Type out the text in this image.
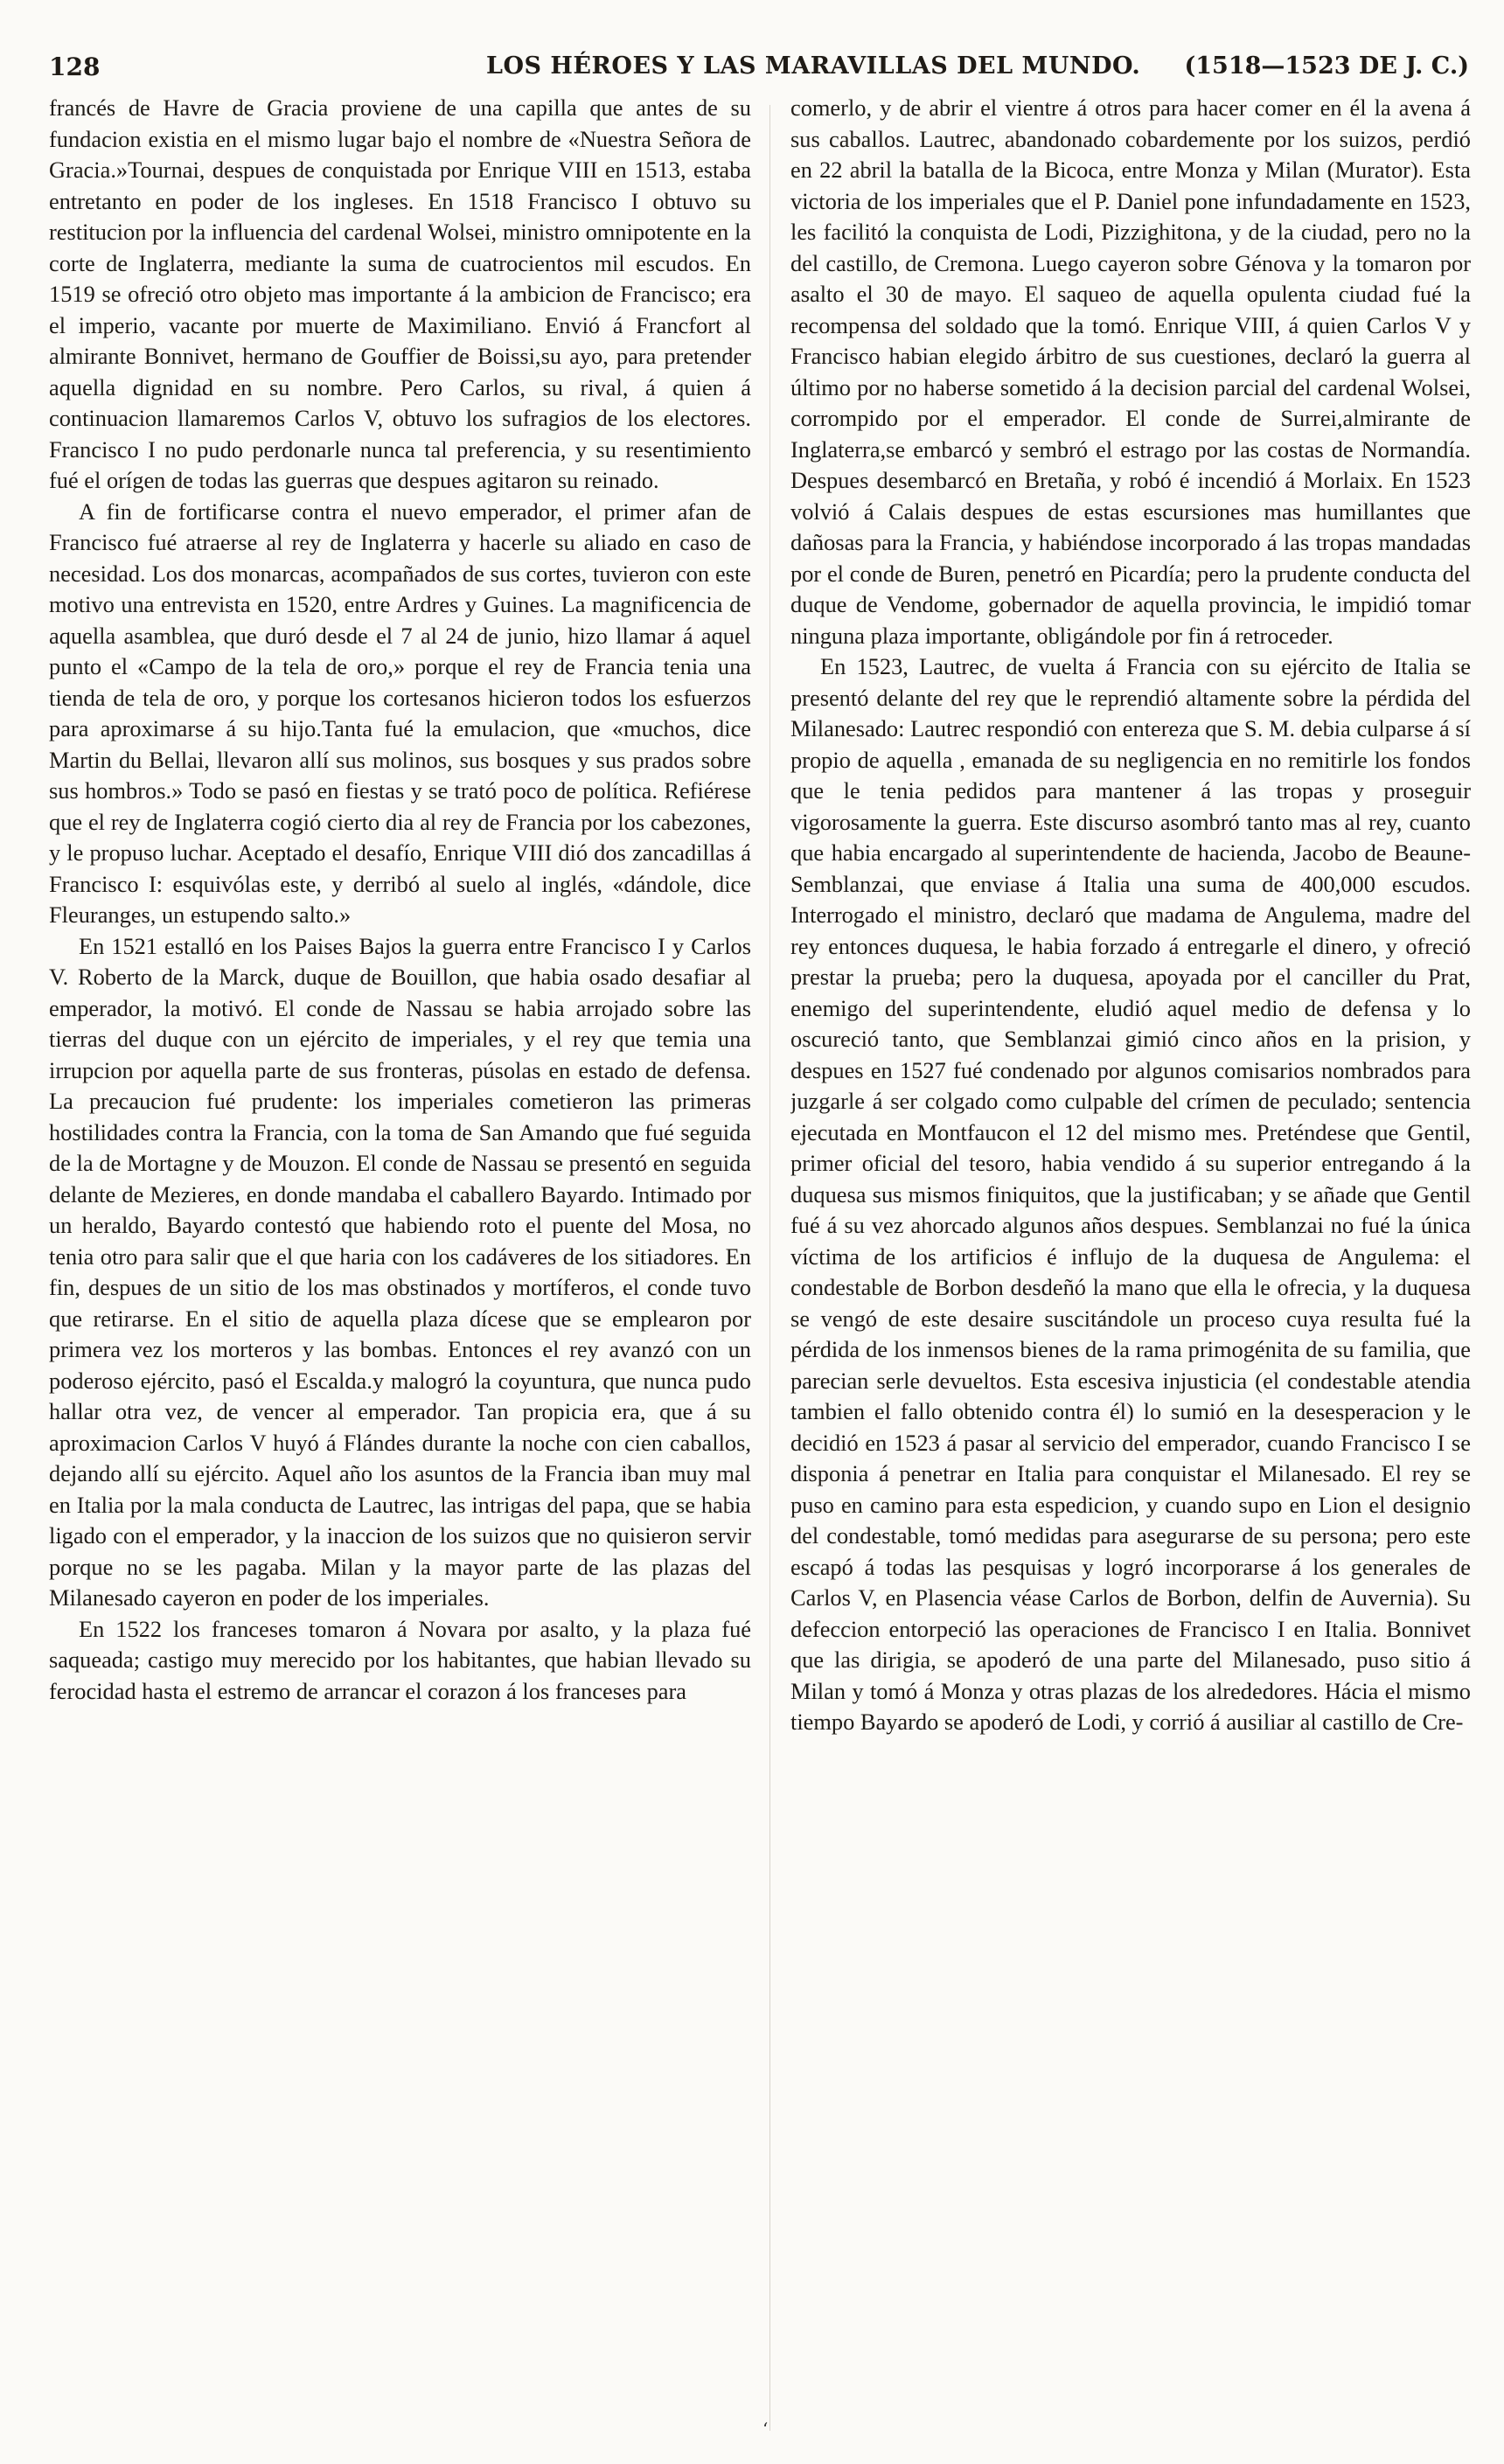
128	LOS HÉROES Y LAS MARAVILLAS DEL MUNDO. (1518—1523 DE J. C.)

francés de Havre de Gracia proviene de una capilla que antes de su fundacion existia en el mismo lugar bajo el nombre de «Nuestra Señora de Gracia.»Tournai, despues de conquistada por Enrique VIII en 1513, estaba entretanto en poder de los ingleses. En 1518 Francisco I obtuvo su restitucion por la influencia del cardenal Wolsei, ministro omnipotente en la corte de Inglaterra, mediante la suma de cuatrocientos mil escudos. En 1519 se ofreció otro objeto mas importante á la ambicion de Francisco; era el imperio, vacante por muerte de Maximiliano. Envió á Francfort al almirante Bonnivet, hermano de Gouffier de Boissi,su ayo, para pretender aquella dignidad en su nombre. Pero Carlos, su rival, á quien á continuacion llamaremos Carlos V, obtuvo los sufragios de los electores. Francisco I no pudo perdonarle nunca tal preferencia, y su resentimiento fué el orígen de todas las guerras que despues agitaron su reinado.

A fin de fortificarse contra el nuevo emperador, el primer afan de Francisco fué atraerse al rey de Inglaterra y hacerle su aliado en caso de necesidad. Los dos monarcas, acompañados de sus cortes, tuvieron con este motivo una entrevista en 1520, entre Ardres y Guines. La magnificencia de aquella asamblea, que duró desde el 7 al 24 de junio, hizo llamar á aquel punto el «Campo de la tela de oro,» porque el rey de Francia tenia una tienda de tela de oro, y porque los cortesanos hicieron todos los esfuerzos para aproximarse á su hijo.Tanta fué la emulacion, que «muchos, dice Martin du Bellai, llevaron allí sus molinos, sus bosques y sus prados sobre sus hombros.» Todo se pasó en fiestas y se trató poco de política. Refiérese que el rey de Inglaterra cogió cierto dia al rey de Francia por los cabezones, y le propuso luchar. Aceptado el desafío, Enrique VIII dió dos zancadillas á Francisco I: esquivólas este, y derribó al suelo al inglés, «dándole, dice Fleuranges, un estupendo salto.»

En 1521 estalló en los Paises Bajos la guerra entre Francisco I y Carlos V. Roberto de la Marck, duque de Bouillon, que habia osado desafiar al emperador, la motivó. El conde de Nassau se habia arrojado sobre las tierras del duque con un ejército de imperiales, y el rey que temia una irrupcion por aquella parte de sus fronteras, púsolas en estado de defensa. La precaucion fué prudente: los imperiales cometieron las primeras hostilidades contra la Francia, con la toma de San Amando que fué seguida de la de Mortagne y de Mouzon. El conde de Nassau se presentó en seguida delante de Mezieres, en donde mandaba el caballero Bayardo. Intimado por un heraldo, Bayardo contestó que habiendo roto el puente del Mosa, no tenia otro para salir que el que haria con los cadáveres de los sitiadores. En fin, despues de un sitio de los mas obstinados y mortíferos, el conde tuvo que retirarse. En el sitio de aquella plaza dícese que se emplearon por primera vez los morteros y las bombas. Entonces el rey avanzó con un poderoso ejército, pasó el Escalda.y malogró la coyuntura, que nunca pudo hallar otra vez, de vencer al emperador. Tan propicia era, que á su aproximacion Carlos V huyó á Flándes durante la noche con cien caballos, dejando allí su ejército. Aquel año los asuntos de la Francia iban muy mal en Italia por la mala conducta de Lautrec, las intrigas del papa, que se habia ligado con el emperador, y la inaccion de los suizos que no quisieron servir porque no se les pagaba. Milan y la mayor parte de las plazas del Milanesado cayeron en poder de los imperiales.

En 1522 los franceses tomaron á Novara por asalto, y la plaza fué saqueada; castigo muy merecido por los habitantes, que habian llevado su ferocidad hasta el estremo de arrancar el corazon á los franceses para

‘

comerlo, y de abrir el vientre á otros para hacer comer en él la avena á sus caballos. Lautrec, abandonado cobardemente por los suizos, perdió en 22 abril la batalla de la Bicoca, entre Monza y Milan (Murator). Esta victoria de los imperiales que el P. Daniel pone infundadamente en 1523, les facilitó la conquista de Lodi, Pizzighitona, y de la ciudad, pero no la del castillo, de Cremona. Luego cayeron sobre Génova y la tomaron por asalto el 30 de mayo. El saqueo de aquella opulenta ciudad fué la recompensa del soldado que la tomó. Enrique VIII, á quien Carlos V y Francisco habian elegido árbitro de sus cuestiones, declaró la guerra al último por no haberse sometido á la decision parcial del cardenal Wolsei, corrompido por el emperador. El conde de Surrei,almirante de Inglaterra,se embarcó y sembró el estrago por las costas de Normandía. Despues desembarcó en Bretaña, y robó é incendió á Morlaix. En 1523 volvió á Calais despues de estas escursiones mas humillantes que dañosas para la Francia, y habiéndose incorporado á las tropas mandadas por el conde de Buren, penetró en Picardía; pero la prudente conducta del duque de Vendome, gobernador de aquella provincia, le impidió tomar ninguna plaza importante, obligándole por fin á retroceder.

En 1523, Lautrec, de vuelta á Francia con su ejército de Italia se presentó delante del rey que le reprendió altamente sobre la pérdida del Milanesado: Lautrec respondió con entereza que S. M. debia culparse á sí propio de aquella , emanada de su negligencia en no remitirle los fondos que le tenia pedidos para mantener á las tropas y proseguir vigorosamente la guerra. Este discurso asombró tanto mas al rey, cuanto que habia encargado al superintendente de hacienda, Jacobo de Beaune-Semblanzai, que enviase á Italia una suma de 400,000 escudos. Interrogado el ministro, declaró que madama de Angulema, madre del rey entonces duquesa, le habia forzado á entregarle el dinero, y ofreció prestar la prueba; pero la duquesa, apoyada por el canciller du Prat, enemigo del superintendente, eludió aquel medio de defensa y lo oscureció tanto, que Semblanzai gimió cinco años en la prision, y despues en 1527 fué condenado por algunos comisarios nombrados para juzgarle á ser colgado como culpable del crímen de peculado; sentencia ejecutada en Montfaucon el 12 del mismo mes. Preténdese que Gentil, primer oficial del tesoro, habia vendido á su superior entregando á la duquesa sus mismos finiquitos, que la justificaban; y se añade que Gentil fué á su vez ahorcado algunos años despues. Semblanzai no fué la única víctima de los artificios é influjo de la duquesa de Angulema: el condestable de Borbon desdeñó la mano que ella le ofrecia, y la duquesa se vengó de este desaire suscitándole un proceso cuya resulta fué la pérdida de los inmensos bienes de la rama primogénita de su familia, que parecian serle devueltos. Esta escesiva injusticia (el condestable atendia tambien el fallo obtenido contra él) lo sumió en la desesperacion y le decidió en 1523 á pasar al servicio del emperador, cuando Francisco I se disponia á penetrar en Italia para conquistar el Milanesado. El rey se puso en camino para esta espedicion, y cuando supo en Lion el designio del condestable, tomó medidas para asegurarse de su persona; pero este escapó á todas las pesquisas y logró incorporarse á los generales de Carlos V, en Plasencia véase Carlos de Borbon, delfin de Auvernia). Su defeccion entorpeció las operaciones de Francisco I en Italia. Bonnivet que las dirigia, se apoderó de una parte del Milanesado, puso sitio á Milan y tomó á Monza y otras plazas de los alrededores. Hácia el mismo tiempo Bayardo se apoderó de Lodi, y corrió á ausiliar al castillo de Cre-
